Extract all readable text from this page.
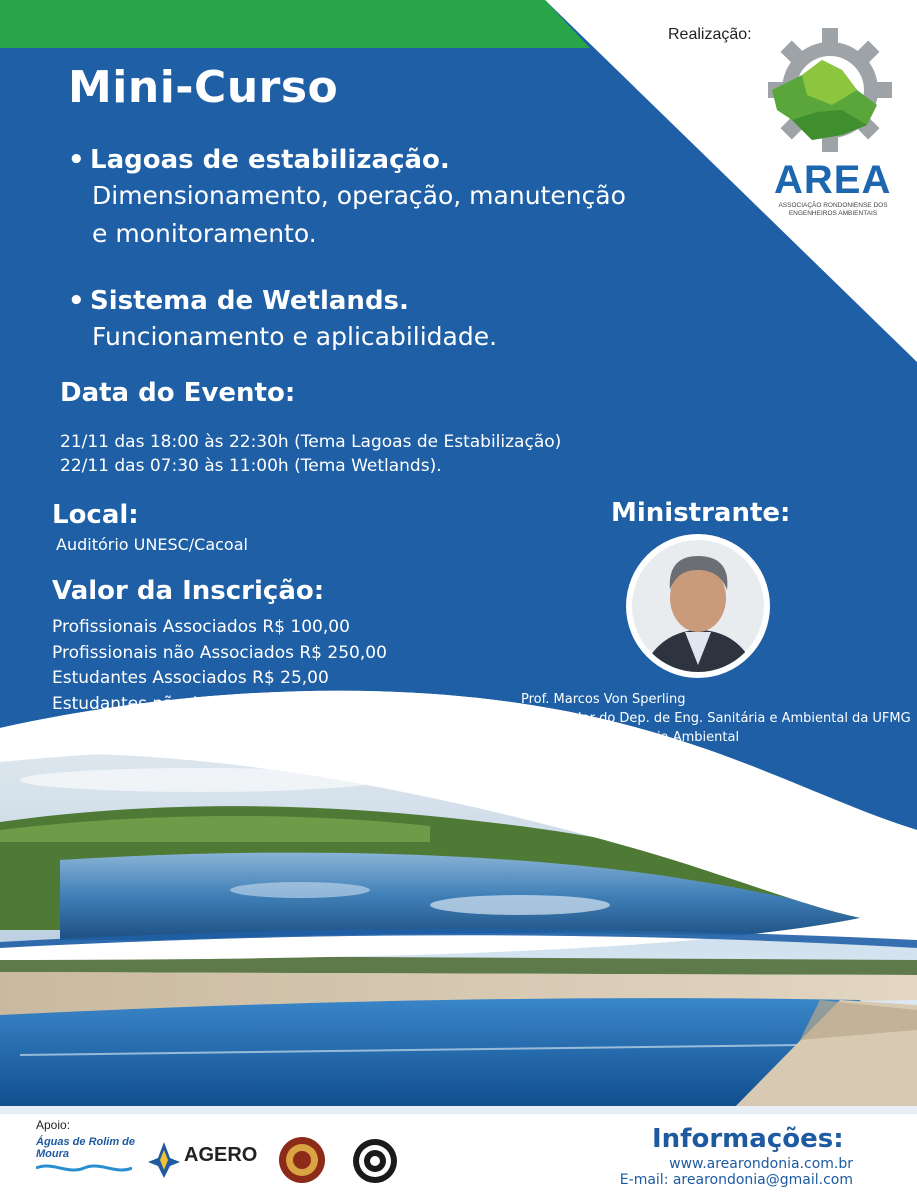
Realização:
AREA
ASSOCIAÇÃO RONDONIENSE DOS ENGENHEIROS AMBIENTAIS
Mini-Curso
• Lagoas de estabilização.
Dimensionamento, operação, manutenção
e monitoramento.
• Sistema de Wetlands.
Funcionamento e aplicabilidade.
Data do Evento:
21/11 das 18:00 às 22:30h (Tema Lagoas de Estabilização)
22/11 das 07:30 às 11:00h (Tema Wetlands).
Local:
Auditório UNESC/Cacoal
Valor da Inscrição:
Profissionais Associados R$ 100,00
Profissionais não Associados R$ 250,00
Estudantes Associados R$ 25,00
Estudantes não Associados R$ 100,00
Ministrante:
Prof. Marcos Von Sperling
Prof. Titular do Dep. de Eng. Sanitária e Ambiental da UFMG
Doutor em Engenharia Ambiental
Apoio:
Águas de Rolim de Moura	AGERO
Informações:
www.arearondonia.com.br
E-mail: arearondonia@gmail.com
